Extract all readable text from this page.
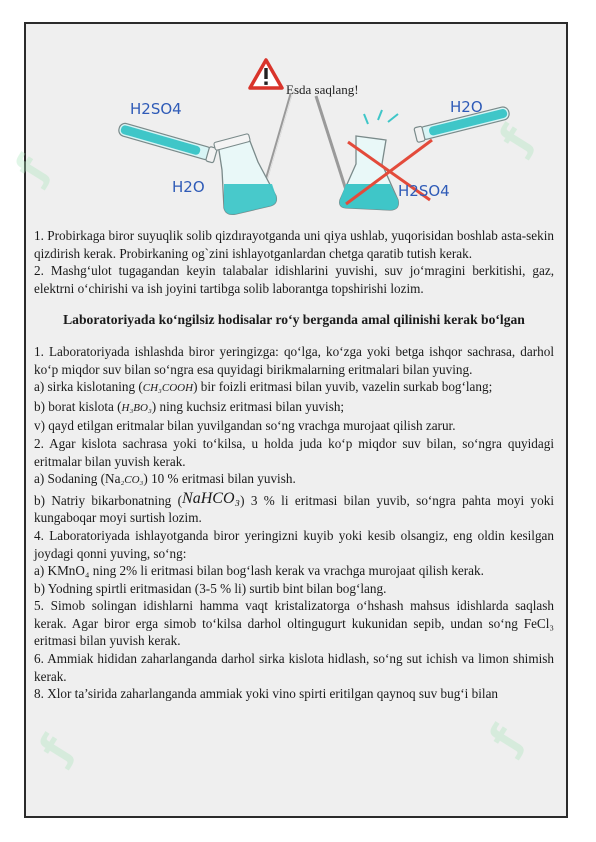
Esda saqlang!
H2SO4
H2O
H2O
H2SO4
ƒ
ƒ
ƒ	ƒ

1. Probirkaga biror suyuqlik solib qizdırayotganda uni qiya ushlab, yuqorisidan boshlab asta-sekin qizdirish kerak. Probirkaning og`zini ishlayotganlardan chetga qaratib tutish kerak.

2. Mashg‘ulot tugagandan keyin talabalar idishlarini yuvishi, suv jo‘mragini berkitishi, gaz, elektrni o‘chirishi va ish joyini tartibga solib laborantga topshirishi lozim.

Laboratoriyada ko‘ngilsiz hodisalar ro‘y berganda amal qilinishi kerak bo‘lgan

1. Laboratoriyada ishlashda biror yeringizga: qo‘lga, ko‘zga yoki betga ishqor sachrasa, darhol ko‘p miqdor suv bilan so‘ngra esa quyidagi birikmalarning eritmalari bilan yuving.

a) sirka kislotaning (CH₃COOH) bir foizli eritmasi bilan yuvib, vazelin surkab bog‘lang;

b) borat kislota (H₃BO₃) ning kuchsiz eritmasi bilan yuvish;

v) qayd etilgan eritmalar bilan yuvilgandan so‘ng vrachga murojaat qilish zarur.

2. Agar kislota sachrasa yoki to‘kilsa, u holda juda ko‘p miqdor suv bilan, so‘ngra quyidagi eritmalar bilan yuvish kerak.

a) Sodaning (Na₂CO₃) 10 % eritmasi bilan yuvish.

b) Natriy bikarbonatning (NaHCO₃) 3 % li eritmasi bilan yuvib, so‘ngra pahta moyi yoki kungaboqar moyi surtish lozim.

4. Laboratoriyada ishlayotganda biror yeringizni kuyib yoki kesib olsangiz, eng oldin kesilgan joydagi qonni yuving, so‘ng:

a) KMnO₄ ning 2% li eritmasi bilan bog‘lash kerak va vrachga murojaat qilish kerak.

b) Yodning spirtli eritmasidan (3-5 % li) surtib bint bilan bog‘lang.

5. Simob solingan idishlarni hamma vaqt kristalizatorga o‘hshash mahsus idishlarda saqlash kerak. Agar biror erga simob to‘kilsa darhol oltingugurt kukunidan sepib, undan so‘ng FeCl₃ eritmasi bilan yuvish kerak.

6. Ammiak hididan zaharlanganda darhol sirka kislota hidlash, so‘ng sut ichish va limon shimish kerak.

8. Xlor ta’sirida zaharlanganda ammiak yoki vino spirti eritilgan qaynoq suv bug‘i bilan
